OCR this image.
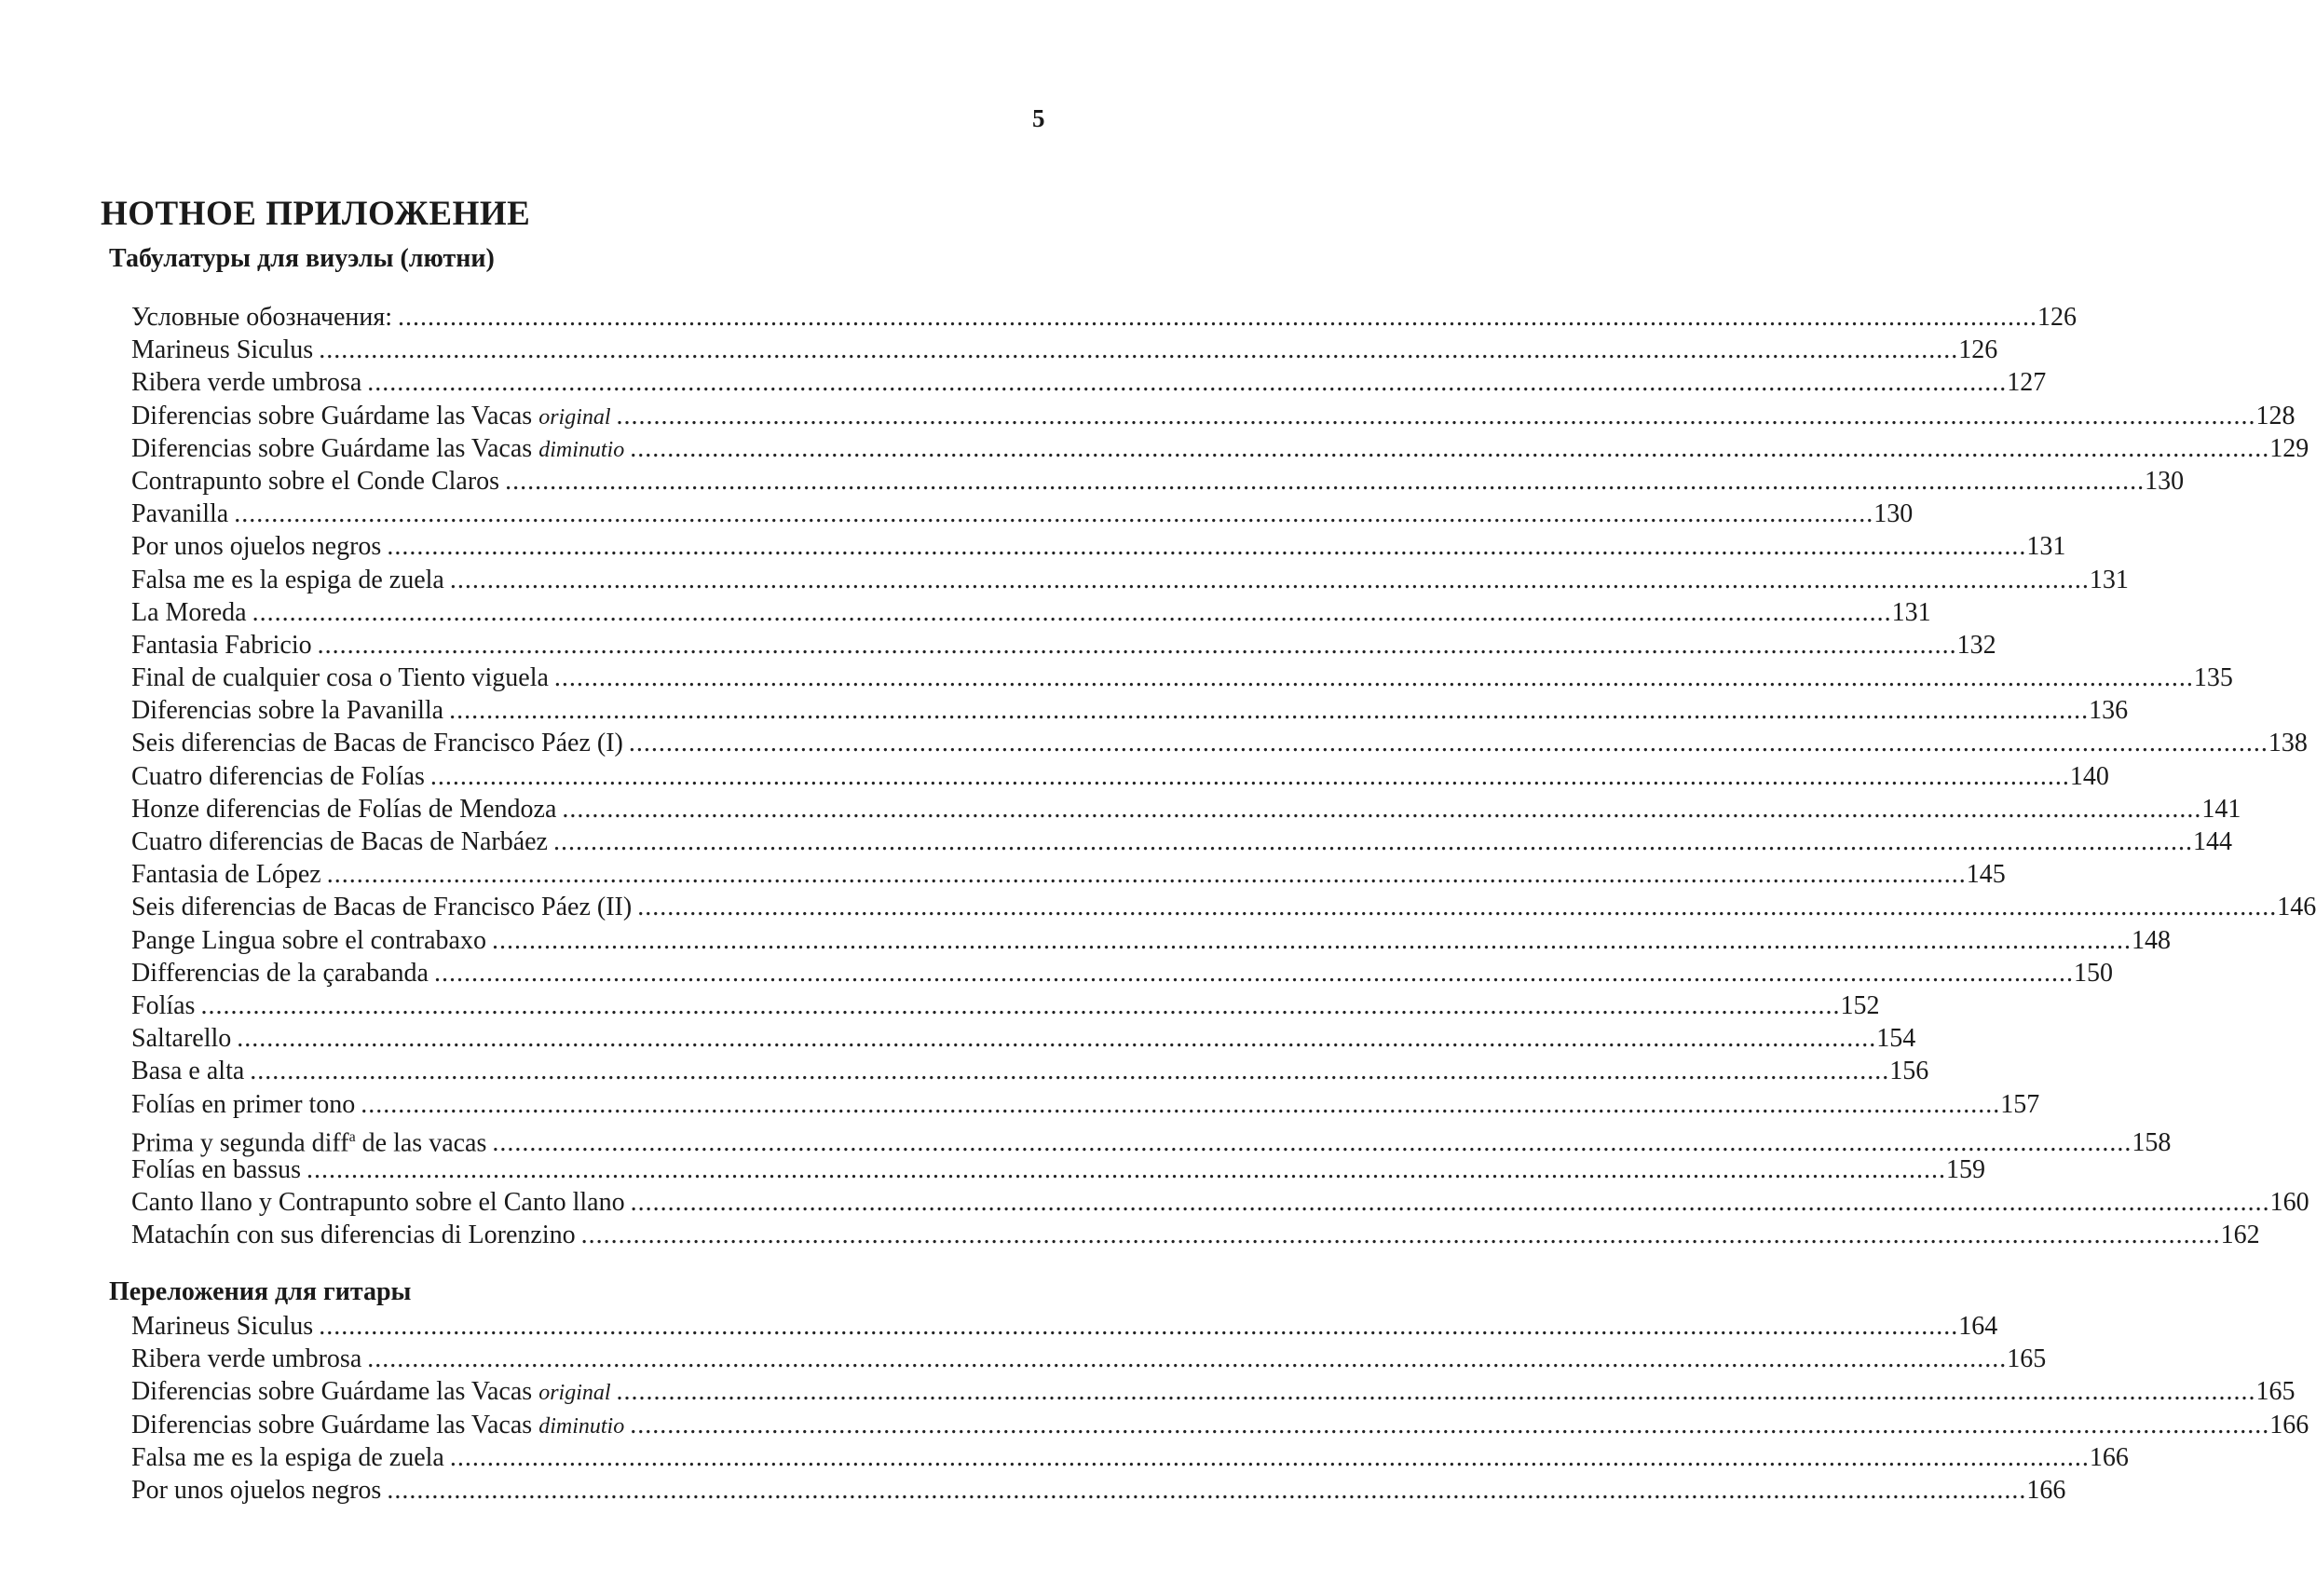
5
НОТНОЕ ПРИЛОЖЕНИЕ
Табулатуры для виуэлы (лютни)
Условные обозначения: ............................................................................................................................................................................................................................ 126
Marineus Siculus ............................................................................................................................................................................................................................ 126
Ribera verde umbrosa ............................................................................................................................................................................................................................ 127
Diferencias sobre Guárdame las Vacas original ............................................................................................................................................................................................................................ 128
Diferencias sobre Guárdame las Vacas diminutio ............................................................................................................................................................................................................................ 129
Contrapunto sobre el Conde Claros ............................................................................................................................................................................................................................ 130
Pavanilla ............................................................................................................................................................................................................................ 130
Por unos ojuelos negros ............................................................................................................................................................................................................................ 131
Falsa me es la espiga de zuela ............................................................................................................................................................................................................................ 131
La Moreda ............................................................................................................................................................................................................................ 131
Fantasia Fabricio ............................................................................................................................................................................................................................ 132
Final de cualquier cosa o Tiento viguela ............................................................................................................................................................................................................................ 135
Diferencias sobre la Pavanilla ............................................................................................................................................................................................................................ 136
Seis diferencias de Bacas de Francisco Páez (I) ............................................................................................................................................................................................................................ 138
Cuatro diferencias de Folías ............................................................................................................................................................................................................................ 140
Honze diferencias de Folías de Mendoza ............................................................................................................................................................................................................................ 141
Cuatro diferencias de Bacas de Narbáez ............................................................................................................................................................................................................................ 144
Fantasia de López ............................................................................................................................................................................................................................ 145
Seis diferencias de Bacas de Francisco Páez (II) ............................................................................................................................................................................................................................ 146
Pange Lingua sobre el contrabaxo ............................................................................................................................................................................................................................ 148
Differencias de la çarabanda ............................................................................................................................................................................................................................ 150
Folías ............................................................................................................................................................................................................................ 152
Saltarello ............................................................................................................................................................................................................................ 154
Basa e alta ............................................................................................................................................................................................................................ 156
Folías en primer tono ............................................................................................................................................................................................................................ 157
Prima y segunda diff$^a$ de las vacas ............................................................................................................................................................................................................................ 158
Folías en bassus ............................................................................................................................................................................................................................ 159
Canto llano y Contrapunto sobre el Canto llano ............................................................................................................................................................................................................................ 160
Matachín con sus diferencias di Lorenzino ............................................................................................................................................................................................................................ 162
Переложения для гитары
Marineus Siculus ............................................................................................................................................................................................................................ 164
Ribera verde umbrosa ............................................................................................................................................................................................................................ 165
Diferencias sobre Guárdame las Vacas original ............................................................................................................................................................................................................................ 165
Diferencias sobre Guárdame las Vacas diminutio ............................................................................................................................................................................................................................ 166
Falsa me es la espiga de zuela ............................................................................................................................................................................................................................ 166
Por unos ojuelos negros ............................................................................................................................................................................................................................ 166
